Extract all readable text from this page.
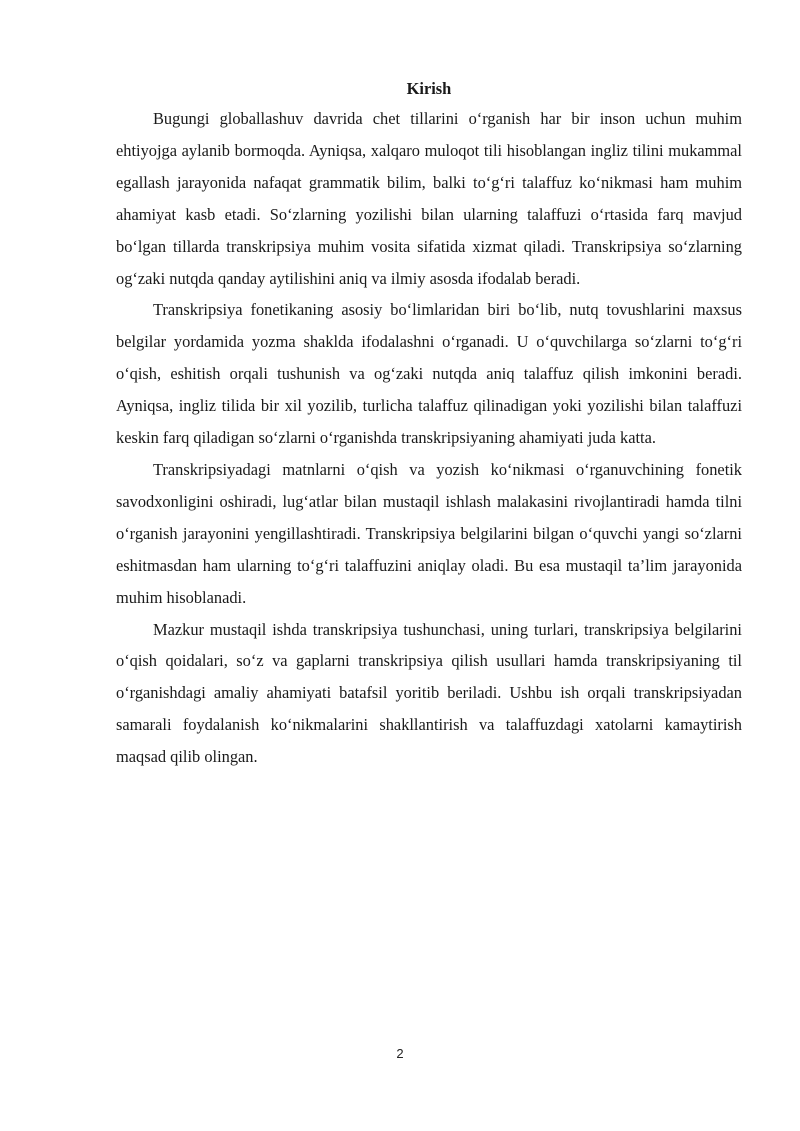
Kirish

Bugungi globallashuv davrida chet tillarini o‘rganish har bir inson uchun muhim ehtiyojga aylanib bormoqda. Ayniqsa, xalqaro muloqot tili hisoblangan ingliz tilini mukammal egallash jarayonida nafaqat grammatik bilim, balki to‘g‘ri talaffuz ko‘nikmasi ham muhim ahamiyat kasb etadi. So‘zlarning yozilishi bilan ularning talaffuzi o‘rtasida farq mavjud bo‘lgan tillarda transkripsiya muhim vosita sifatida xizmat qiladi. Transkripsiya so‘zlarning og‘zaki nutqda qanday aytilishini aniq va ilmiy asosda ifodalab beradi.

Transkripsiya fonetikaning asosiy bo‘limlaridan biri bo‘lib, nutq tovushlarini maxsus belgilar yordamida yozma shaklda ifodalashni o‘rganadi. U o‘quvchilarga so‘zlarni to‘g‘ri o‘qish, eshitish orqali tushunish va og‘zaki nutqda aniq talaffuz qilish imkonini beradi. Ayniqsa, ingliz tilida bir xil yozilib, turlicha talaffuz qilinadigan yoki yozilishi bilan talaffuzi keskin farq qiladigan so‘zlarni o‘rganishda transkripsiyaning ahamiyati juda katta.

Transkripsiyadagi matnlarni o‘qish va yozish ko‘nikmasi o‘rganuvchining fonetik savodxonligini oshiradi, lug‘atlar bilan mustaqil ishlash malakasini rivojlantiradi hamda tilni o‘rganish jarayonini yengillashtiradi. Transkripsiya belgilarini bilgan o‘quvchi yangi so‘zlarni eshitmasdan ham ularning to‘g‘ri talaffuzini aniqlay oladi. Bu esa mustaqil ta’lim jarayonida muhim hisoblanadi.

Mazkur mustaqil ishda transkripsiya tushunchasi, uning turlari, transkripsiya belgilarini o‘qish qoidalari, so‘z va gaplarni transkripsiya qilish usullari hamda transkripsiyaning til o‘rganishdagi amaliy ahamiyati batafsil yoritib beriladi. Ushbu ish orqali transkripsiyadan samarali foydalanish ko‘nikmalarini shakllantirish va talaffuzdagi xatolarni kamaytirish maqsad qilib olingan.

2
